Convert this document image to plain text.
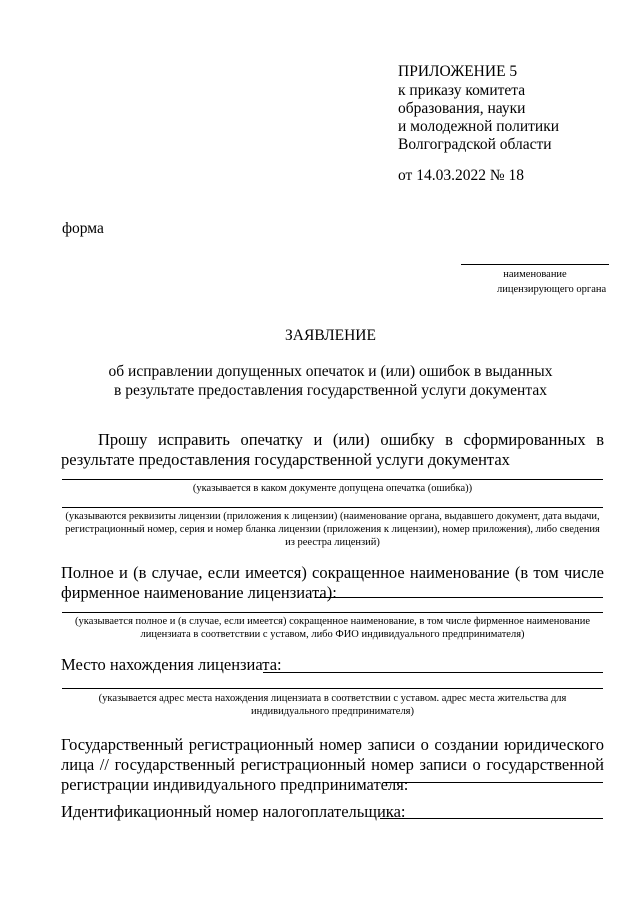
ПРИЛОЖЕНИЕ 5
к приказу комитета
образования, науки
и молодежной политики
Волгоградской области
от 14.03.2022 № 18
форма
наименование
лицензирующего органа
ЗАЯВЛЕНИЕ
об исправлении допущенных опечаток и (или) ошибок в выданных
в результате предоставления государственной услуги документах
Прошу исправить опечатку и (или) ошибку в сформированных в результате предоставления государственной услуги документах
(указывается в каком документе допущена опечатка (ошибка))
(указываются реквизиты лицензии (приложения к лицензии) (наименование органа, выдавшего документ, дата выдачи, регистрационный номер, серия и номер бланка лицензии (приложения к лицензии), номер приложения), либо сведения из реестра лицензий)
Полное и (в случае, если имеется) сокращенное наименование (в том числе фирменное наименование лицензиата):
(указывается полное и (в случае, если имеется) сокращенное наименование, в том числе фирменное наименование лицензиата в соответствии с уставом, либо ФИО индивидуального предпринимателя)
Место нахождения лицензиата:
(указывается адрес места нахождения лицензиата в соответствии с уставом. адрес места жительства для индивидуального предпринимателя)
Государственный регистрационный номер записи о создании юридического лица // государственный регистрационный номер записи о государственной регистрации индивидуального предпринимателя:
Идентификационный номер налогоплательщика:
